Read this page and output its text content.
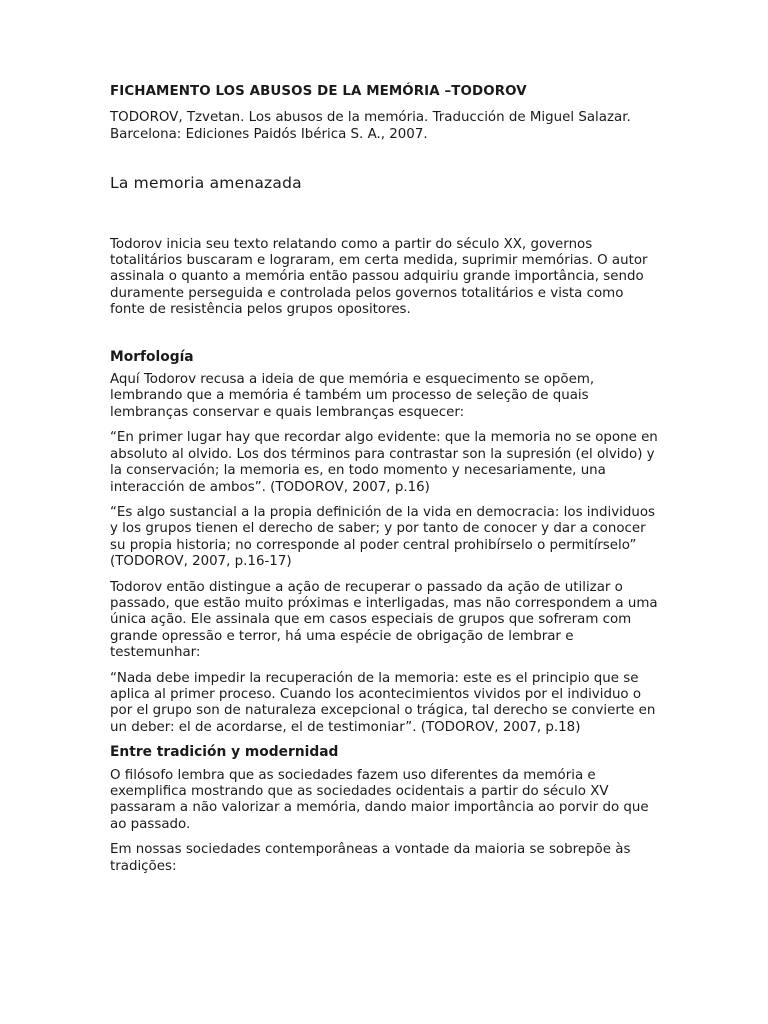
FICHAMENTO LOS ABUSOS DE LA MEMÓRIA –TODOROV

TODOROV, Tzvetan. Los abusos de la memória. Traducción de Miguel Salazar. Barcelona: Ediciones Paidós Ibérica S. A., 2007.

La memoria amenazada

Todorov inicia seu texto relatando como a partir do século XX, governos totalitários buscaram e lograram, em certa medida, suprimir memórias. O autor assinala o quanto a memória então passou adquiriu grande importância, sendo duramente perseguida e controlada pelos governos totalitários e vista como fonte de resistência pelos grupos opositores.

Morfología

Aquí Todorov recusa a ideia de que memória e esquecimento se opõem, lembrando que a memória é também um processo de seleção de quais lembranças conservar e quais lembranças esquecer:

“En primer lugar hay que recordar algo evidente: que la memoria no se opone en absoluto al olvido. Los dos términos para contrastar son la supresión (el olvido) y la conservación; la memoria es, en todo momento y necesariamente, una interacción de ambos”. (TODOROV, 2007, p.16)

“Es algo sustancial a la propia definición de la vida en democracia: los individuos y los grupos tienen el derecho de saber; y por tanto de conocer y dar a conocer su propia historia; no corresponde al poder central prohibírselo o permitírselo” (TODOROV, 2007, p.16-17)

Todorov então distingue a ação de recuperar o passado da ação de utilizar o passado, que estão muito próximas e interligadas, mas não correspondem a uma única ação. Ele assinala que em casos especiais de grupos que sofreram com grande opressão e terror, há uma espécie de obrigação de lembrar e testemunhar:

“Nada debe impedir la recuperación de la memoria: este es el principio que se aplica al primer proceso. Cuando los acontecimientos vividos por el individuo o por el grupo son de naturaleza excepcional o trágica, tal derecho se convierte en un deber: el de acordarse, el de testimoniar”. (TODOROV, 2007, p.18)

Entre tradición y modernidad

O filósofo lembra que as sociedades fazem uso diferentes da memória e exemplifica mostrando que as sociedades ocidentais a partir do século XV passaram a não valorizar a memória, dando maior importância ao porvir do que ao passado.

Em nossas sociedades contemporâneas a vontade da maioria se sobrepõe às tradições:
